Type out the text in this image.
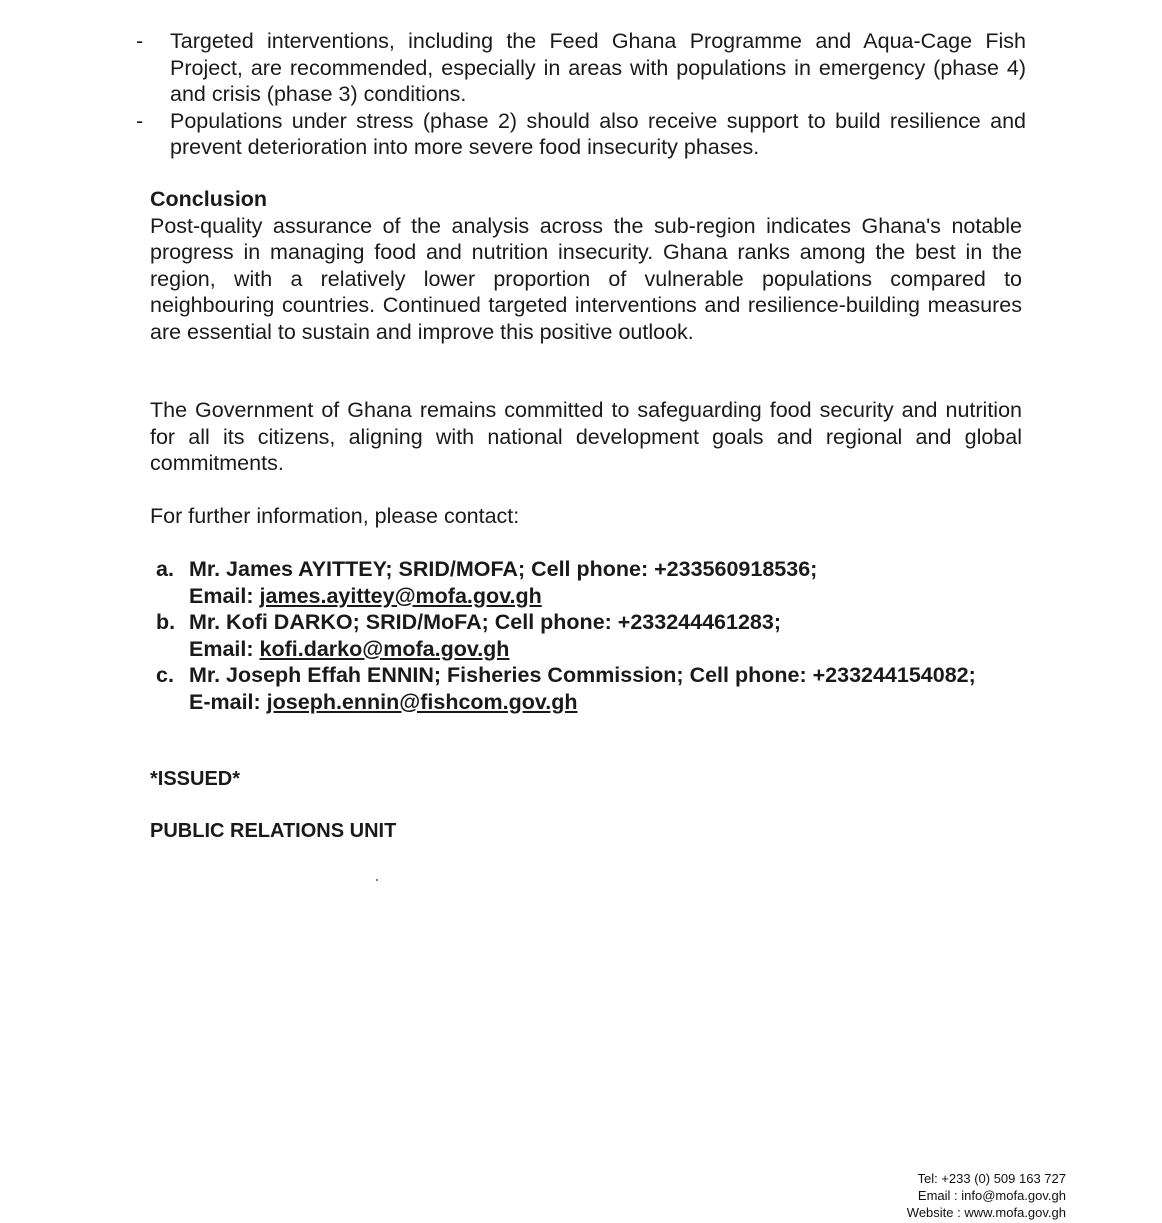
-	Targeted interventions, including the Feed Ghana Programme and Aqua-Cage Fish Project, are recommended, especially in areas with populations in emergency (phase 4) and crisis (phase 3) conditions.
-	Populations under stress (phase 2) should also receive support to build resilience and prevent deterioration into more severe food insecurity phases.
Conclusion

Post-quality assurance of the analysis across the sub-region indicates Ghana's notable progress in managing food and nutrition insecurity. Ghana ranks among the best in the region, with a relatively lower proportion of vulnerable populations compared to neighbouring countries. Continued targeted interventions and resilience-building measures are essential to sustain and improve this positive outlook.

The Government of Ghana remains committed to safeguarding food security and nutrition for all its citizens, aligning with national development goals and regional and global commitments.

For further information, please contact:

a. Mr. James AYITTEY; SRID/MOFA; Cell phone: +233560918536;
Email: james.ayittey@mofa.gov.gh
b. Mr. Kofi DARKO; SRID/MoFA; Cell phone: +233244461283;
Email: kofi.darko@mofa.gov.gh
c. Mr. Joseph Effah ENNIN; Fisheries Commission; Cell phone: +233244154082;
E-mail: joseph.ennin@fishcom.gov.gh
*ISSUED*
PUBLIC RELATIONS UNIT
Tel: +233 (0) 509 163 727
Email : info@mofa.gov.gh
Website : www.mofa.gov.gh
